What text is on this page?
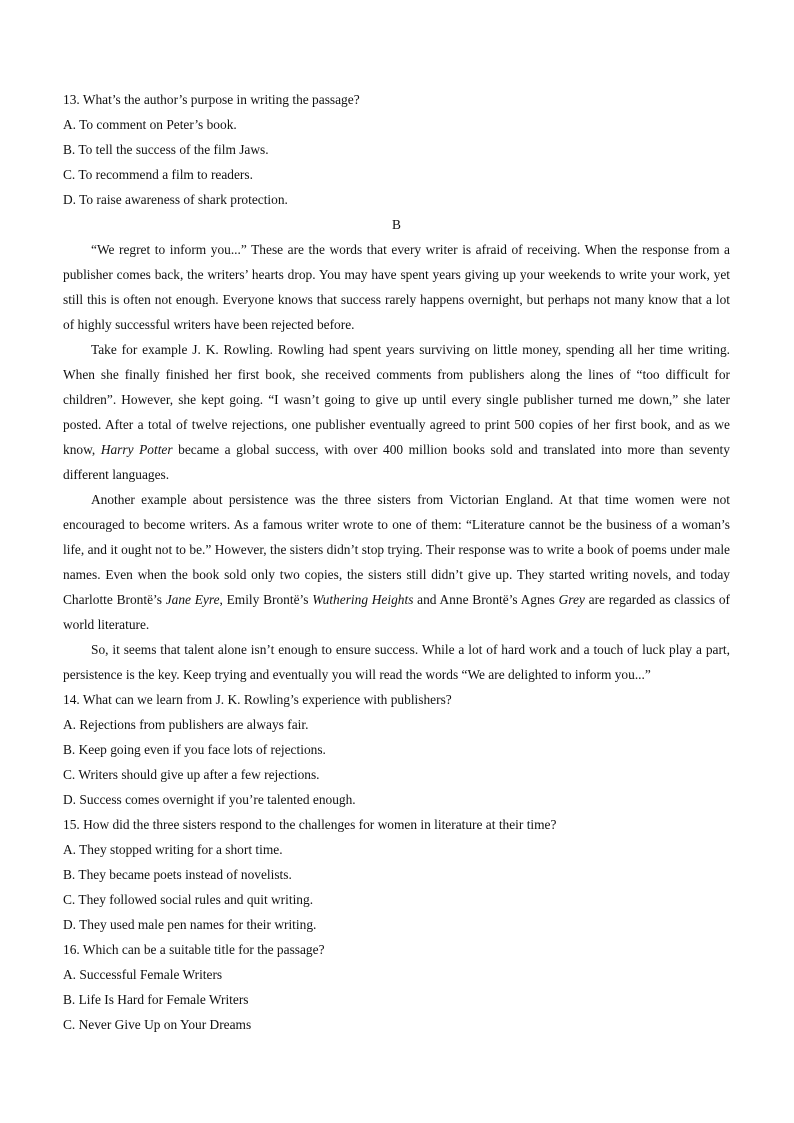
13. What’s the author’s purpose in writing the passage?

A. To comment on Peter’s book.

B. To tell the success of the film Jaws.

C. To recommend a film to readers.

D. To raise awareness of shark protection.

B

“We regret to inform you...” These are the words that every writer is afraid of receiving. When the response from a publisher comes back, the writers’ hearts drop. You may have spent years giving up your weekends to write your work, yet still this is often not enough. Everyone knows that success rarely happens overnight, but perhaps not many know that a lot of highly successful writers have been rejected before.

Take for example J. K. Rowling. Rowling had spent years surviving on little money, spending all her time writing. When she finally finished her first book, she received comments from publishers along the lines of “too difficult for children”. However, she kept going. “I wasn’t going to give up until every single publisher turned me down,” she later posted. After a total of twelve rejections, one publisher eventually agreed to print 500 copies of her first book, and as we know, Harry Potter became a global success, with over 400 million books sold and translated into more than seventy different languages.

Another example about persistence was the three sisters from Victorian England. At that time women were not encouraged to become writers. As a famous writer wrote to one of them: “Literature cannot be the business of a woman’s life, and it ought not to be.” However, the sisters didn’t stop trying. Their response was to write a book of poems under male names. Even when the book sold only two copies, the sisters still didn’t give up. They started writing novels, and today Charlotte Brontë’s Jane Eyre, Emily Brontë’s Wuthering Heights and Anne Brontë’s Agnes Grey are regarded as classics of world literature.

So, it seems that talent alone isn’t enough to ensure success. While a lot of hard work and a touch of luck play a part, persistence is the key. Keep trying and eventually you will read the words “We are delighted to inform you...”

14. What can we learn from J. K. Rowling’s experience with publishers?

A. Rejections from publishers are always fair.

B. Keep going even if you face lots of rejections.

C. Writers should give up after a few rejections.

D. Success comes overnight if you’re talented enough.

15. How did the three sisters respond to the challenges for women in literature at their time?

A. They stopped writing for a short time.

B. They became poets instead of novelists.

C. They followed social rules and quit writing.

D. They used male pen names for their writing.

16. Which can be a suitable title for the passage?

A. Successful Female Writers

B. Life Is Hard for Female Writers

C. Never Give Up on Your Dreams
